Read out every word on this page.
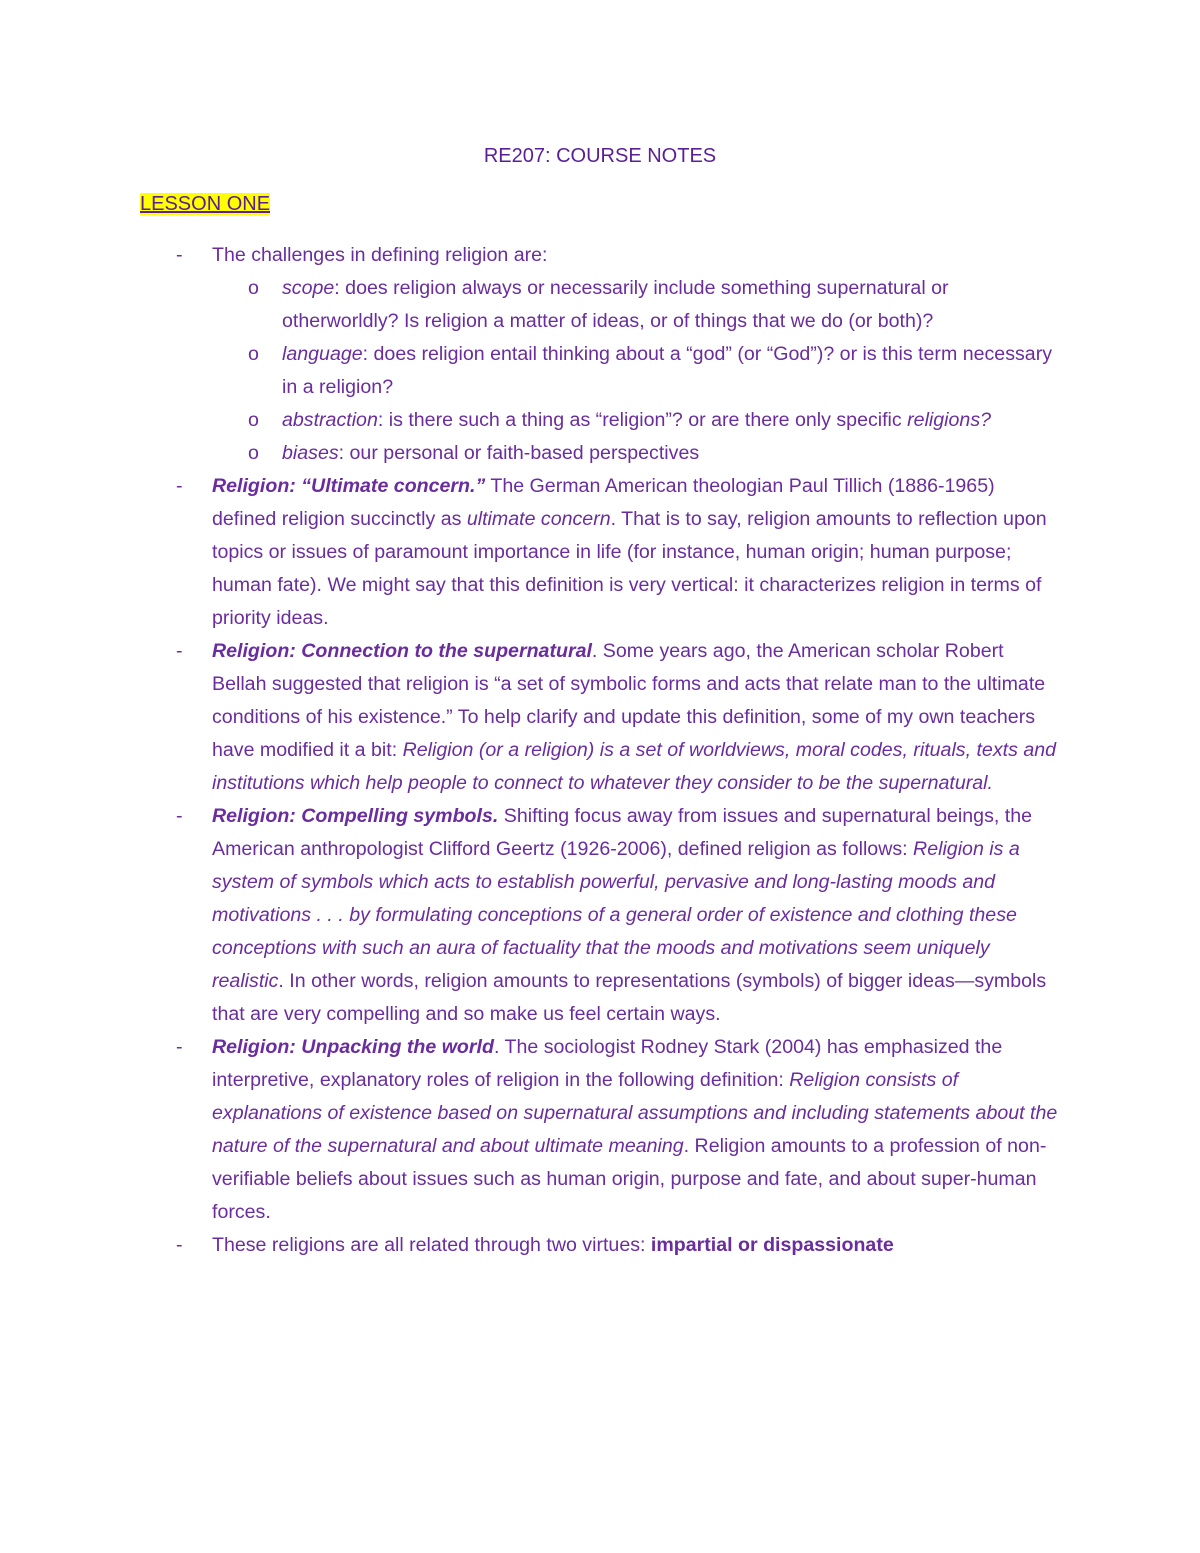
RE207: COURSE NOTES
LESSON ONE
- The challenges in defining religion are:
o scope: does religion always or necessarily include something supernatural or otherworldly? Is religion a matter of ideas, or of things that we do (or both)?
o language: does religion entail thinking about a “god” (or “God”)? or is this term necessary in a religion?
o abstraction: is there such a thing as “religion”? or are there only specific religions?
o biases: our personal or faith-based perspectives
- Religion: “Ultimate concern.” The German American theologian Paul Tillich (1886-1965) defined religion succinctly as ultimate concern. That is to say, religion amounts to reflection upon topics or issues of paramount importance in life (for instance, human origin; human purpose; human fate). We might say that this definition is very vertical: it characterizes religion in terms of priority ideas.
- Religion: Connection to the supernatural. Some years ago, the American scholar Robert Bellah suggested that religion is “a set of symbolic forms and acts that relate man to the ultimate conditions of his existence.” To help clarify and update this definition, some of my own teachers have modified it a bit: Religion (or a religion) is a set of worldviews, moral codes, rituals, texts and institutions which help people to connect to whatever they consider to be the supernatural.
- Religion: Compelling symbols. Shifting focus away from issues and supernatural beings, the American anthropologist Clifford Geertz (1926-2006), defined religion as follows: Religion is a system of symbols which acts to establish powerful, pervasive and long-lasting moods and motivations . . . by formulating conceptions of a general order of existence and clothing these conceptions with such an aura of factuality that the moods and motivations seem uniquely realistic. In other words, religion amounts to representations (symbols) of bigger ideas—symbols that are very compelling and so make us feel certain ways.
- Religion: Unpacking the world. The sociologist Rodney Stark (2004) has emphasized the interpretive, explanatory roles of religion in the following definition: Religion consists of explanations of existence based on supernatural assumptions and including statements about the nature of the supernatural and about ultimate meaning. Religion amounts to a profession of non-verifiable beliefs about issues such as human origin, purpose and fate, and about super-human forces.
- These religions are all related through two virtues: impartial or dispassionate
